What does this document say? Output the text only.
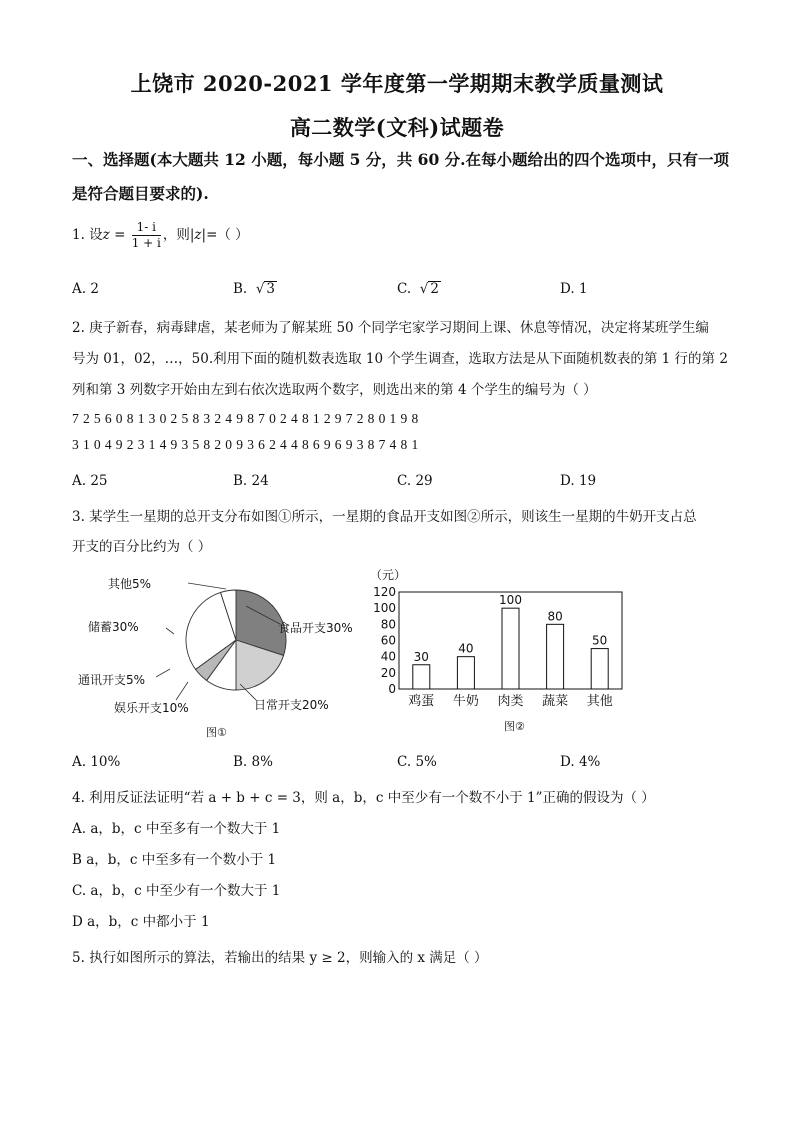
上饶市 2020-2021 学年度第一学期期末教学质量测试
高二数学(文科)试题卷
一、选择题(本大题共 12 小题，每小题 5 分，共 60 分.在每小题给出的四个选项中，只有一项
是符合题目要求的).
1. 设$z = \frac{1- i}{1 + i}$ ，则|z|=（ ）
A. 2	B. √ 3	C. √ 2	D. 1
2. 庚子新春，病毒肆虐，某老师为了解某班 50 个同学宅家学习期间上课、休息等情况，决定将某班学生编
号为 01，02，…，50.利用下面的随机数表选取 10 个学生调查，选取方法是从下面随机数表的第 1 行的第 2
列和第 3 列数字开始由左到右依次选取两个数字，则选出来的第 4 个学生的编号为（ ）
72560813025832498702481297280198
31049231493582093624486969387481
A. 25	B. 24	C. 29	D. 19
3. 某学生一星期的总开支分布如图①所示，一星期的食品开支如图②所示，则该生一星期的牛奶开支占总
开支的百分比约为（ ）
其他5%
食品开支30%
储蓄30%
通讯开支5%
娱乐开支10%	日常开支20%
图①
（元）
0
20
40
60
80
100
120
30
40
100
80
50
鸡蛋 牛奶 肉类 蔬菜 其他
图②
A. 10%	B. 8%	C. 5%	D. 4%
4. 利用反证法证明“若 a + b + c = 3，则 a，b，c 中至少有一个数不小于 1”正确的假设为（ ）
A. a，b，c 中至多有一个数大于 1
B a，b，c 中至多有一个数小于 1
C. a，b，c 中至少有一个数大于 1
D a，b，c 中都小于 1
5. 执行如图所示的算法，若输出的结果 y ≥ 2，则输入的 x 满足（ ）
